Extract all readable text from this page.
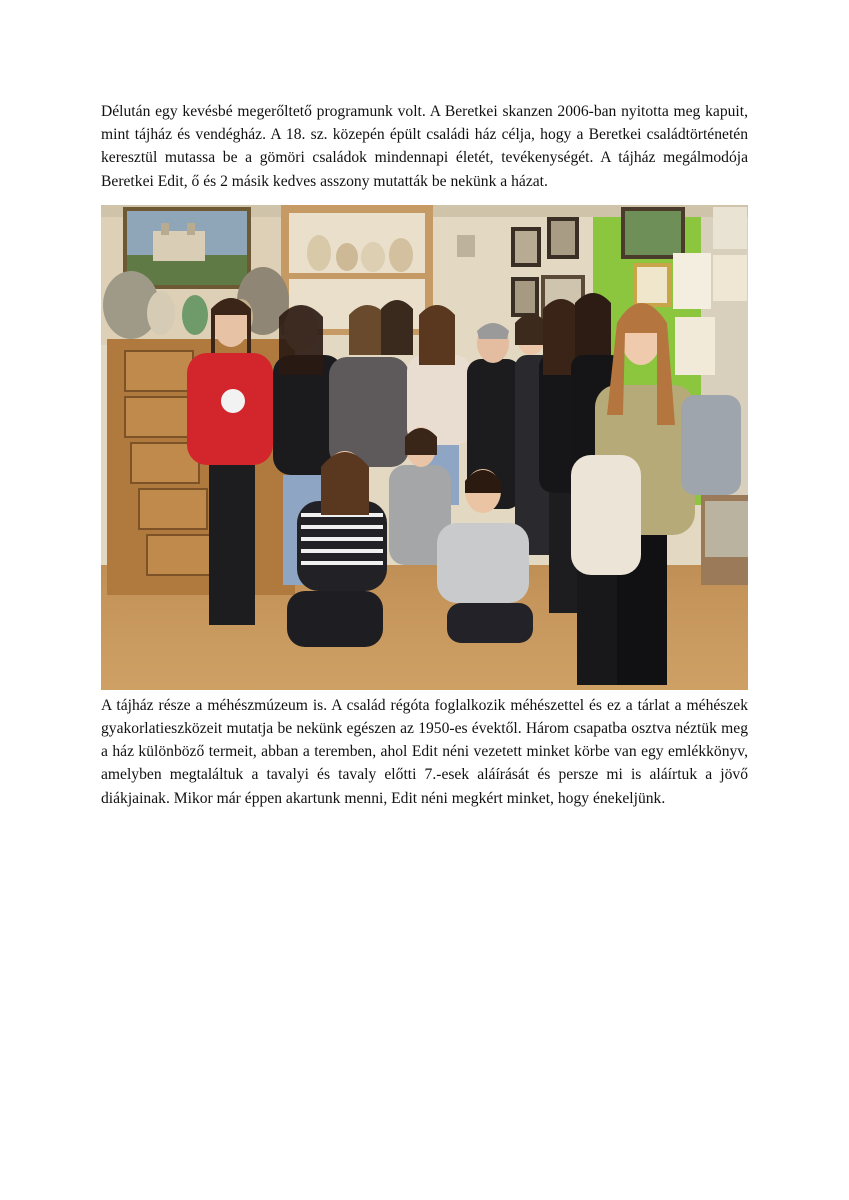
Délután egy kevésbé megerőltető programunk volt. A Beretkei skanzen 2006-ban nyitotta meg kapuit, mint tájház és vendégház. A 18. sz. közepén épült családi ház célja, hogy a Beretkei családtörténetén keresztül mutassa be a gömöri családok mindennapi életét, tevékenységét. A tájház megálmodója Beretkei Edit, ő és 2 másik kedves asszony mutatták be nekünk a házat.

A tájház része a méhészmúzeum is. A család régóta foglalkozik méhészettel és ez a tárlat a méhészek gyakorlatieszközeit mutatja be nekünk egészen az 1950-es évektől. Három csapatba osztva néztük meg a ház különböző termeit, abban a teremben, ahol Edit néni vezetett minket körbe van egy emlékkönyv, amelyben megtaláltuk a tavalyi és tavaly előtti 7.-esek aláírását és persze mi is aláírtuk a jövő diákjainak. Mikor már éppen akartunk menni, Edit néni megkért minket, hogy énekeljünk.
